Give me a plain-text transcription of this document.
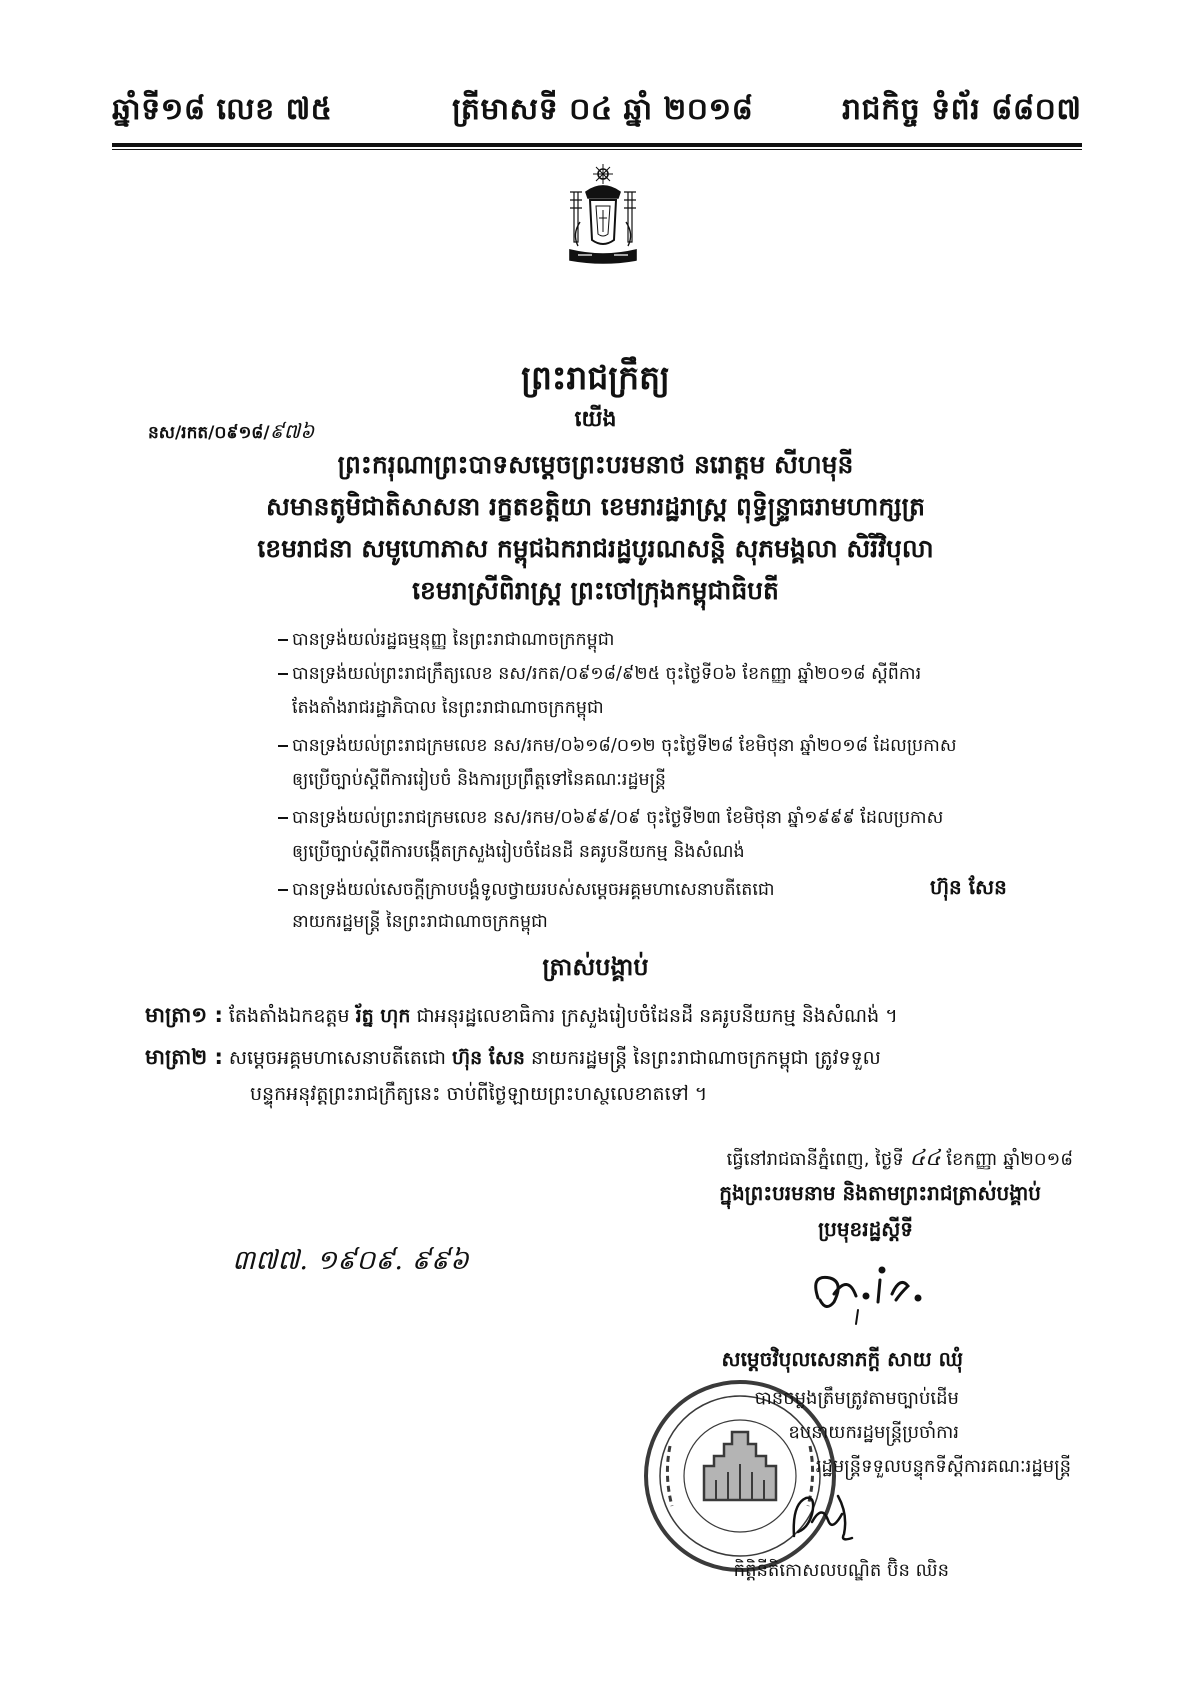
ឆ្នាំទី១៨ លេខ ៧៥	ត្រីមាសទី ០៤ ឆ្នាំ ២០១៨	រាជកិច្ច ទំព័រ ៨៨០៧
ព្រះរាជក្រឹត្យ
នស/រកត/០៩១៨/៩៧៦	យើង
ព្រះករុណាព្រះបាទសម្ដេចព្រះបរមនាថ នរោត្តម សីហមុនី
សមានតូមិជាតិសាសនា រក្ខតខត្តិយា ខេមរារដ្ឋរាស្ត្រ ពុទ្ធិន្ទ្រាធរាមហាក្សត្រ
ខេមរាជនា សមូហោភាស កម្ពុជឯករាជរដ្ឋបូរណសន្តិ សុភមង្គលា សិរីវិបុលា
ខេមរាស្រីពិរាស្ត្រ ព្រះចៅក្រុងកម្ពុជាធិបតី
បានទ្រង់យល់រដ្ឋធម្មនុញ្ញ នៃព្រះរាជាណាចក្រកម្ពុជា
បានទ្រង់យល់ព្រះរាជក្រឹត្យលេខ នស/រកត/០៩១៨/៩២៥ ចុះថ្ងៃទី០៦ ខែកញ្ញា ឆ្នាំ២០១៨ ស្ដីពីការ
តែងតាំងរាជរដ្ឋាភិបាល នៃព្រះរាជាណាចក្រកម្ពុជា
បានទ្រង់យល់ព្រះរាជក្រមលេខ នស/រកម/០៦១៨/០១២ ចុះថ្ងៃទី២៨ ខែមិថុនា ឆ្នាំ២០១៨ ដែលប្រកាស
ឲ្យប្រើច្បាប់ស្ដីពីការរៀបចំ និងការប្រព្រឹត្តទៅនៃគណៈរដ្ឋមន្ត្រី
បានទ្រង់យល់ព្រះរាជក្រមលេខ នស/រកម/០៦៩៩/០៩ ចុះថ្ងៃទី២៣ ខែមិថុនា ឆ្នាំ១៩៩៩ ដែលប្រកាស
ឲ្យប្រើច្បាប់ស្ដីពីការបង្កើតក្រសួងរៀបចំដែនដី នគរូបនីយកម្ម និងសំណង់
បានទ្រង់យល់សេចក្ដីក្រាបបង្គំទូលថ្វាយរបស់សម្ដេចអគ្គមហាសេនាបតីតេជោ	ហ៊ុន សែន
នាយករដ្ឋមន្ត្រី នៃព្រះរាជាណាចក្រកម្ពុជា
ត្រាស់បង្គាប់
មាត្រា១ : តែងតាំងឯកឧត្តម រ័ត្ន ហុក ជាអនុរដ្ឋលេខាធិការ ក្រសួងរៀបចំដែនដី នគរូបនីយកម្ម និងសំណង់ ។
មាត្រា២ : សម្ដេចអគ្គមហាសេនាបតីតេជោ ហ៊ុន សែន នាយករដ្ឋមន្ត្រី នៃព្រះរាជាណាចក្រកម្ពុជា ត្រូវទទួល
បន្ទុកអនុវត្តព្រះរាជក្រឹត្យនេះ ចាប់ពីថ្ងៃឡាយព្រះហស្ថលេខាតទៅ ។
ធ្វើនៅរាជធានីភ្នំពេញ, ថ្ងៃទី ៤៤ ខែកញ្ញា ឆ្នាំ២០១៨
ក្នុងព្រះបរមនាម និងតាមព្រះរាជត្រាស់បង្គាប់
ប្រមុខរដ្ឋស្ដីទី
៣៧៧. ១៩០៩. ៩៩៦
សម្ដេចវិបុលសេនាភក្ដី សាយ ឈុំ
បានចម្លងត្រឹមត្រូវតាមច្បាប់ដើម
ឧបនាយករដ្ឋមន្ត្រីប្រចាំការ
រដ្ឋមន្ត្រីទទួលបន្ទុកទីស្ដីការគណៈរដ្ឋមន្ត្រី
កិត្តិនីតិកោសលបណ្ឌិត ប៊ិន ឈិន
